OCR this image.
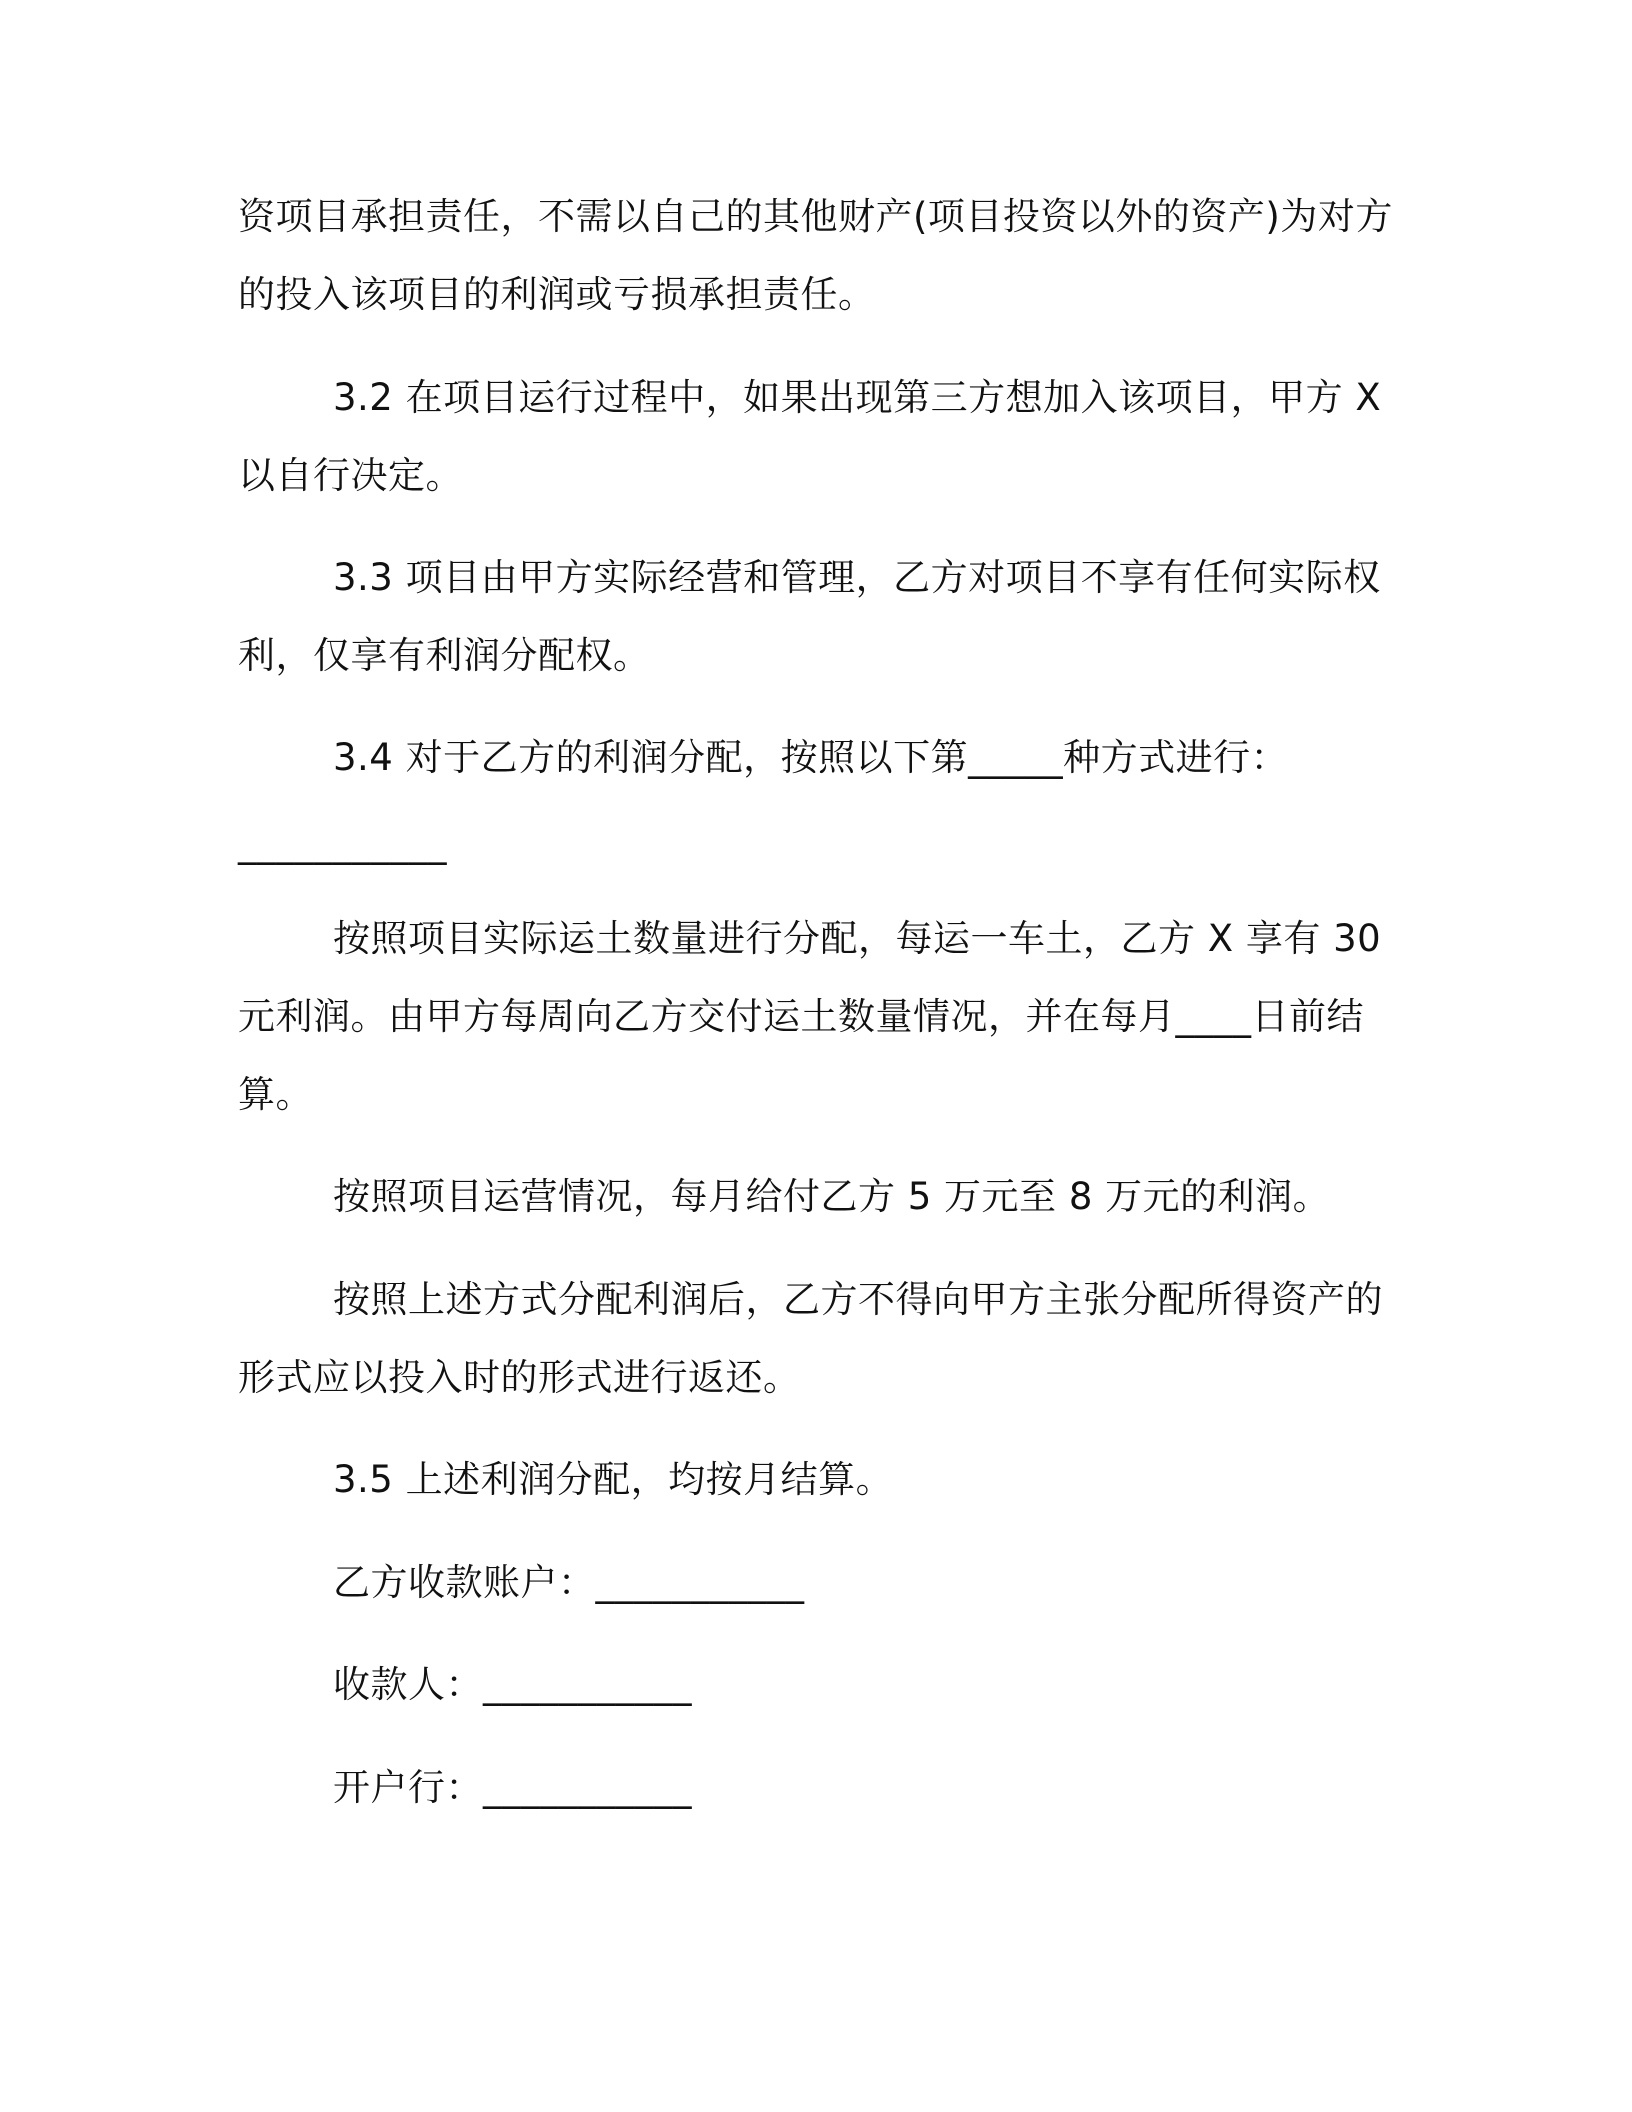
资项目承担责任，不需以自己的其他财产(项目投资以外的资产)为对方
的投入该项目的利润或亏损承担责任。
3.2 在项目运行过程中，如果出现第三方想加入该项目，甲方 X
以自行决定。
3.3 项目由甲方实际经营和管理，乙方对项目不享有任何实际权
利，仅享有利润分配权。
3.4 对于乙方的利润分配，按照以下第_____种方式进行：
___________
按照项目实际运土数量进行分配，每运一车土，乙方 X 享有 30
元利润。由甲方每周向乙方交付运土数量情况，并在每月____日前结
算。
按照项目运营情况，每月给付乙方 5 万元至 8 万元的利润。
按照上述方式分配利润后，乙方不得向甲方主张分配所得资产的
形式应以投入时的形式进行返还。
3.5 上述利润分配，均按月结算。
乙方收款账户：___________
收款人：___________
开户行：___________
